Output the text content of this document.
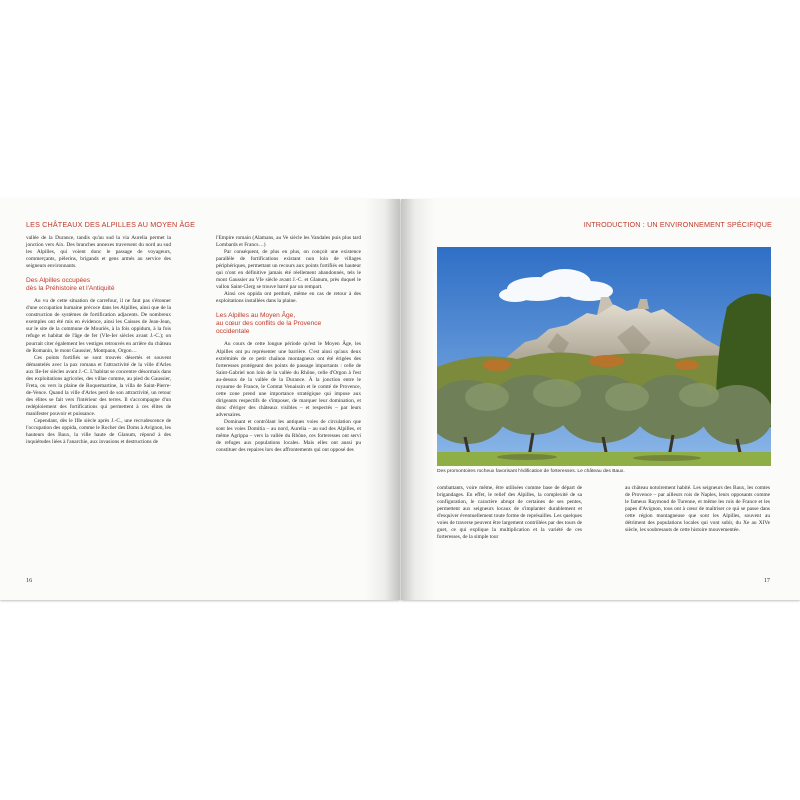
LES CHÂTEAUX DES ALPILLES AU MOYEN ÂGE

vallée de la Durance, tandis qu'au sud la via Aurelia permet la jonction vers Aix. Des branches annexes traversent du nord au sud les Alpilles, qui voient donc le passage de voyageurs, commerçants, pèlerins, brigands et gens armés au service des seigneurs environnants.

Des Alpilles occupées
dès la Préhistoire et l'Antiquité

Au vu de cette situation de carrefour, il ne faut pas s'étonner d'une occupation humaine précoce dans les Alpilles, ainsi que de la construction de systèmes de fortification adjacents. De nombreux exemples ont été mis en évidence, ainsi les Caisses de Jean-Jean, sur le site de la commune de Mouriès, à la fois oppidum, à la fois refuge et habitat de l'âge de fer (VIe-Ier siècles avant J.-C.); on pourrait citer également les vestiges retrouvés en arrière du château de Romanin, le mont Gaussier, Montpaon, Orgon…

Ces points fortifiés se sont trouvés désertés et souvent démantelés avec la pax romana et l'attractivité de la ville d'Arles aux IIe-Ier siècles avant J.-C. L'habitat se concentre désormais dans des exploitations agricoles, des villae comme, au pied du Gaussier, Freta, ou vers la plaine de Roquemartine, la villa de Saint-Pierre-de-Vence. Quand la ville d'Arles perd de son attractivité, un retour des élites se fait vers l'intérieur des terres. Il s'accompagne d'un redéploiement des fortifications qui permettent à ces élites de manifester pouvoir et puissance.

Cependant, dès le IIIe siècle après J.-C., une recrudescence de l'occupation des oppida, comme le Rocher des Doms à Avignon, les hauteurs des Baux, la ville haute de Glanum, répond à des inquiétudes liées à l'anarchie, aux invasions et destructions de

l'Empire romain (Alamans, au Ve siècle les Vandales puis plus tard Lombards et Francs…)

Par conséquent, de plus en plus, on conçoit une existence parallèle de fortifications existant non loin de villages périphériques, permettant un recours aux points fortifiés en hauteur qui n'ont en définitive jamais été réellement abandonnés, tels le mont Gaussier au VIe siècle avant J.-C. et Glanum, près duquel le vallon Saint-Clerg se trouve barré par un rempart.

Ainsi ces oppida ont perduré, même en cas de retour à des exploitations installées dans la plaine.

Les Alpilles au Moyen Âge,
au cœur des conflits de la Provence
occidentale

Au cours de cette longue période qu'est le Moyen Âge, les Alpilles ont pu représenter une barrière. C'est ainsi qu'aux deux extrémités de ce petit chaînon montagneux ont été érigées des forteresses protégeant des points de passage importants : celle de Saint-Gabriel non loin de la vallée du Rhône, celle d'Orgon à l'est au-dessus de la vallée de la Durance. À la jonction entre le royaume de France, le Comtat Venaissin et le comté de Provence, cette zone prend une importance stratégique qui impose aux dirigeants respectifs de s'imposer, de marquer leur domination, et donc d'ériger des châteaux visibles – et respectés – par leurs adversaires.

Dominant et contrôlant les antiques voies de circulation que sont les voies Domitia – au nord, Aurelia – au sud des Alpilles, et même Agrippa – vers la vallée du Rhône, ces forteresses ont servi de refuges aux populations locales. Mais elles ont aussi pu constituer des repaires lors des affrontements qui ont opposé des

16
INTRODUCTION : UN ENVIRONNEMENT SPÉCIFIQUE
Des promontoires rocheux favorisant l'édification de forteresses. Le château des Baux.

combattants, voire même, être utilisées comme base de départ de brigandages. En effet, le relief des Alpilles, la complexité de sa configuration, le caractère abrupt de certaines de ses pentes, permettent aux seigneurs locaux de s'implanter durablement et d'esquiver éventuellement toute forme de représailles. Les quelques voies de traverse peuvent être largement contrôlées par des tours de guet, ce qui explique la multiplication et la variété de ces forteresses, de la simple tour

au château notoirement habité. Les seigneurs des Baux, les comtes de Provence – par ailleurs rois de Naples, leurs opposants comme le fameux Raymond de Turenne, et même les rois de France et les papes d'Avignon, tous ont à cœur de maîtriser ce qui se passe dans cette région montagneuse que sont les Alpilles, souvent au détriment des populations locales qui vont subir, du Xe au XIVe siècle, les soubresauts de cette histoire mouvementée.

17
